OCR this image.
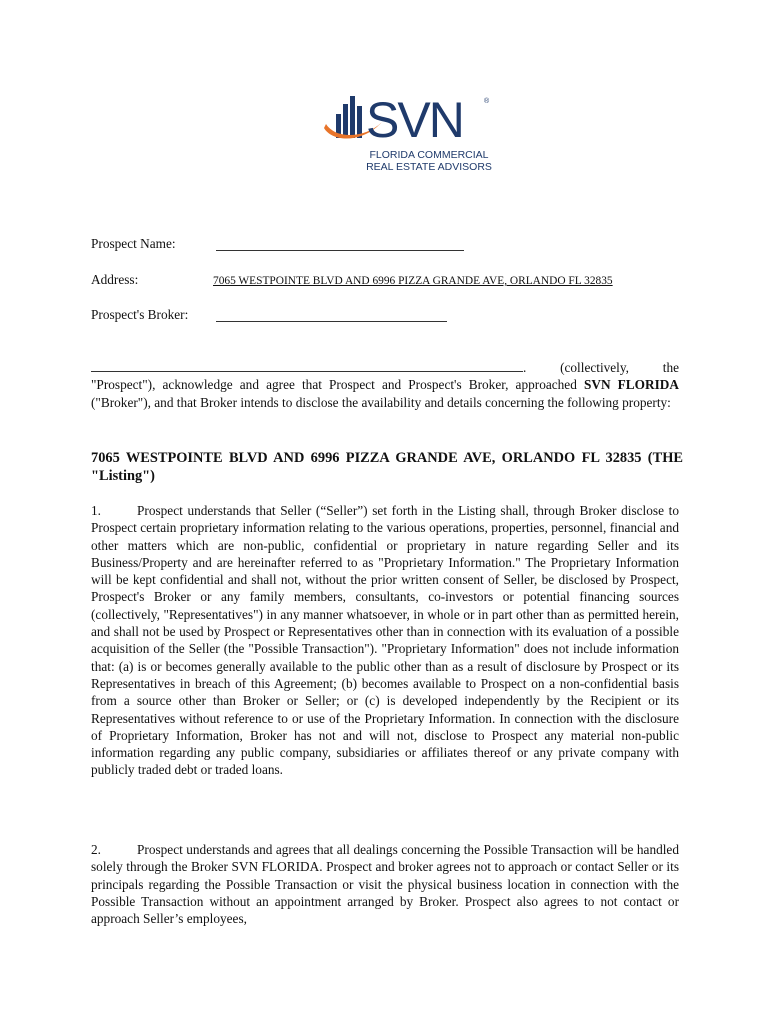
SVN	®
FLORIDA COMMERCIAL
REAL ESTATE ADVISORS
Prospect Name:
Address:	7065 WESTPOINTE BLVD AND 6996 PIZZA GRANDE AVE, ORLANDO FL 32835
Prospect's Broker:
. (collectively, the "Prospect"), acknowledge and agree that Prospect and Prospect's Broker, approached SVN FLORIDA ("Broker"), and that Broker intends to disclose the availability and details concerning the following property:
7065 WESTPOINTE BLVD AND 6996 PIZZA GRANDE AVE, ORLANDO FL 32835 (THE "Listing")
1.	Prospect understands that Seller (“Seller”) set forth in the Listing shall, through Broker disclose to Prospect certain proprietary information relating to the various operations, properties, personnel, financial and other matters which are non-public, confidential or proprietary in nature regarding Seller and its Business/Property and are hereinafter referred to as "Proprietary Information." The Proprietary Information will be kept confidential and shall not, without the prior written consent of Seller, be disclosed by Prospect, Prospect's Broker or any family members, consultants, co-investors or potential financing sources (collectively, "Representatives") in any manner whatsoever, in whole or in part other than as permitted herein, and shall not be used by Prospect or Representatives other than in connection with its evaluation of a possible acquisition of the Seller (the "Possible Transaction"). "Proprietary Information" does not include information that: (a) is or becomes generally available to the public other than as a result of disclosure by Prospect or its Representatives in breach of this Agreement; (b) becomes available to Prospect on a non-confidential basis from a source other than Broker or Seller; or (c) is developed independently by the Recipient or its Representatives without reference to or use of the Proprietary Information. In connection with the disclosure of Proprietary Information, Broker has not and will not, disclose to Prospect any material non-public information regarding any public company, subsidiaries or affiliates thereof or any private company with publicly traded debt or traded loans.
2.	Prospect understands and agrees that all dealings concerning the Possible Transaction will be handled solely through the Broker SVN FLORIDA. Prospect and broker agrees not to approach or contact Seller or its principals regarding the Possible Transaction or visit the physical business location in connection with the Possible Transaction without an appointment arranged by Broker. Prospect also agrees to not contact or approach Seller’s employees,
